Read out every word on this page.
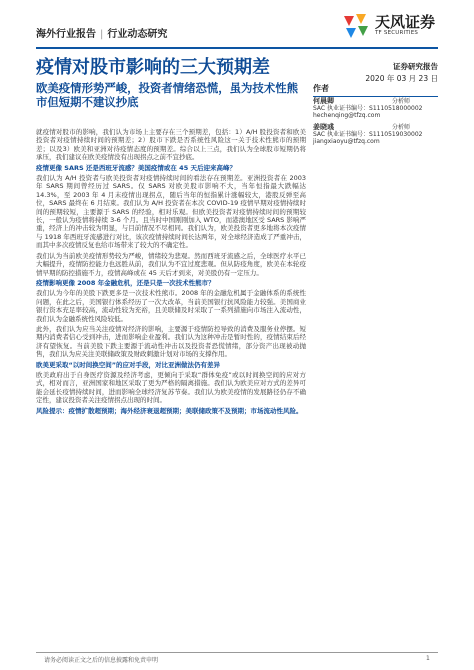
海外行业报告 | 行业动态研究
天风证券
TF SECURITIES
疫情对股市影响的三大预期差	证券研究报告
2020 年 03 月 23 日
欧美疫情形势严峻，投资者情绪恐慌，虽为技术性熊市但短期不建议抄底
作者
何晨卿	分析师
SAC 执业证书编号：S1110518000002
hechenqing@tfzq.com
姜晓彧	分析师
SAC 执业证书编号：S1110519030002
jiangxiaoyu@tfzq.com

就疫情对股市的影响，我们认为市场上主要存在三个预期差，包括：1）A/H 股投资者和欧美投资者对疫情持续时间的预期差；2）股市下跌是否系统性风险这一关于技术性熊市的预期差；以及3）欧美和亚洲对待疫情态度的预期差。综合以上三点，我们认为全球股市短期仍将承压，我们建议在欧美疫情没有出现拐点之前不宜抄底。

疫情更像 SARS 还是西班牙流感？美国疫情或在 45 天后迎来高峰？

我们认为 A/H 投资者与欧美投资者对疫情持续时间的看法存在预期差。亚洲投资者在 2003 年 SARS 期间曾经历过 SARS。仅 SARS 对欧美股市影响不大，当年恒指最大跌幅达 14.3%，至 2003 年 4 月末疫情出现拐点，随后当年的恒指累计涨幅较大，港股反弹至高位，SARS 最终在 6 月结束。我们认为 A/H 投资者在本次 COVID-19 疫情早期对疫情持续时间的预期较短，主要源于 SARS 的经验，相对乐观。但欧美投资者对疫情持续时间的预期较长，一般认为疫情将持续 3-6 个月。且当时中国刚刚加入 WTO，而港澳地区受 SARS 影响严重，经济上的冲击较为明显，与目前情况不尽相同。我们认为，欧美投资者更多地将本次疫情与 1918 年西班牙流感进行对比，该次疫情持续时间长达两年，对全球经济造成了严重冲击，而其中多次疫情反复也给市场带来了较大的不确定性。

我们认为当前欧美疫情形势较为严峻，情绪较为悲观。然而西班牙流感之后，全球医疗水平已大幅提升，疫情防控能力也远胜从前，我们认为不宜过度悲观。但从防疫角度，欧美在本轮疫情早期的防控措施不力，疫情高峰或在 45 天后才到来，对美股仍有一定压力。

疫情影响更像 2008 年金融危机，还是只是一次技术性熊市？

我们认为今年的美股下跌更多是一次技术性熊市。2008 年的金融危机属于金融体系的系统性问题，在此之后，美国银行体系经历了一次大改革，当前美国银行抗风险能力较强。美国商业银行资本充足率较高，流动性较为充裕，且美联储及时采取了一系列措施向市场注入流动性，我们认为金融系统性风险较低。

此外，我们认为应当关注疫情对经济的影响，主要源于疫情防控导致的消费及服务业停摆。短期内消费者信心受到冲击，进而影响企业盈利。我们认为这种冲击是暂时性的，疫情结束后经济有望恢复。当前美股下跌主要源于流动性冲击以及投资者恐慌情绪，部分资产出现被动抛售，我们认为应关注美联储政策及财政刺激计划对市场的支撑作用。

欧美更采取“以时间换空间”的应对手段，对比亚洲做法仍有差异

欧美政府出于自身医疗资源及经济考虑，更倾向于采取“群体免疫”或以时间换空间的应对方式，相对而言，亚洲国家和地区采取了更为严格的隔离措施。我们认为欧美应对方式的差异可能会延长疫情持续时间，进而影响全球经济复苏节奏。我们认为欧美疫情的发展路径仍存不确定性，建议投资者关注疫情拐点出现的时间。

风险提示：疫情扩散超预期；海外经济衰退超预期；美联储政策不及预期；市场流动性风险。

请务必阅读正文之后的信息披露和免责申明	1
